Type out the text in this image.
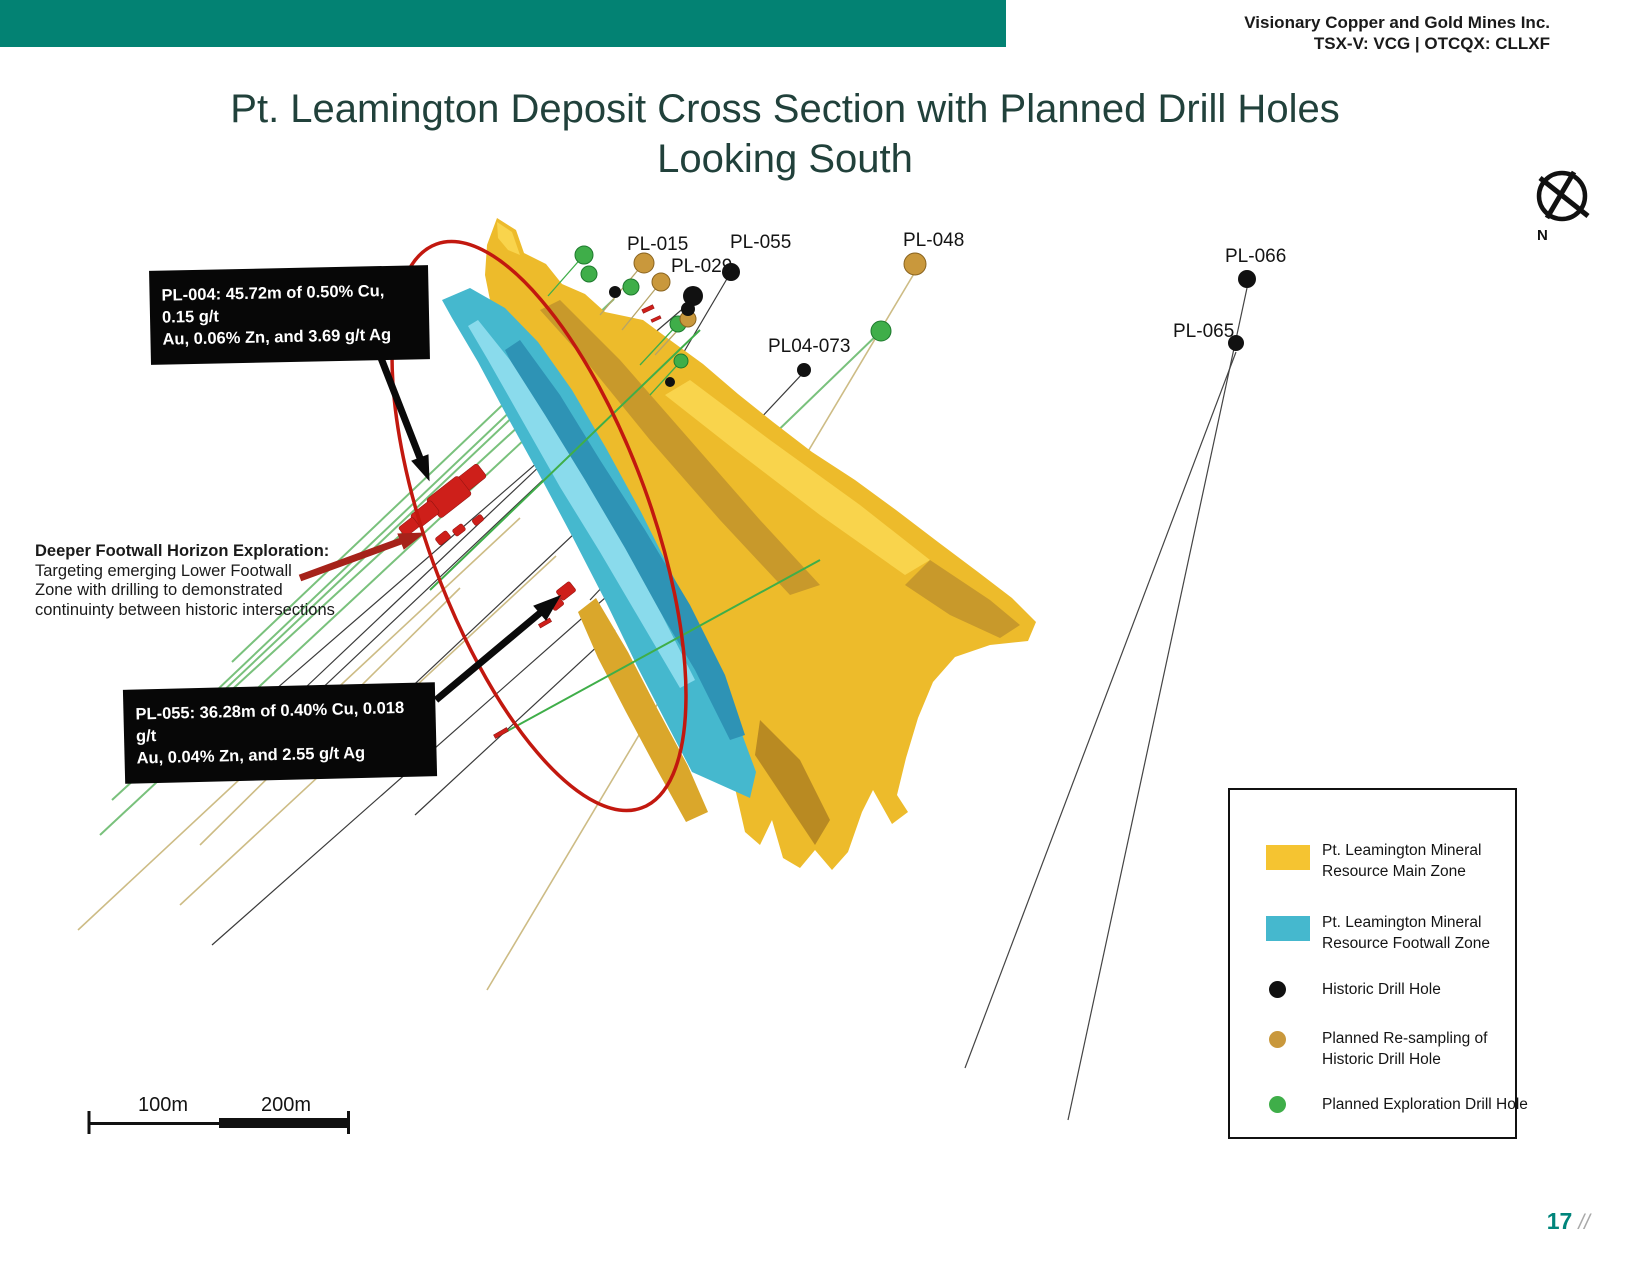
Visionary Copper and Gold Mines Inc.
TSX-V: VCG | OTCQX: CLLXF
Pt. Leamington Deposit Cross Section with Planned Drill Holes
Looking South
N
PL-015 PL-055
PL-029
PL-048
PL04-073
PL-066
PL-065
PL-004: 45.72m of 0.50% Cu, 0.15 g/t
Au, 0.06% Zn, and 3.69 g/t Ag
PL-055: 36.28m of 0.40% Cu, 0.018 g/t
Au, 0.04% Zn, and 2.55 g/t Ag
Deeper Footwall Horizon Exploration:
Targeting emerging Lower Footwall
Zone with drilling to demonstrated
continuinty between historic intersections
Pt. Leamington Mineral
Resource Main Zone
Pt. Leamington Mineral
Resource Footwall Zone
Historic Drill Hole
Planned Re-sampling of
Historic Drill Hole
Planned Exploration Drill Hole
100m	200m
17 //
